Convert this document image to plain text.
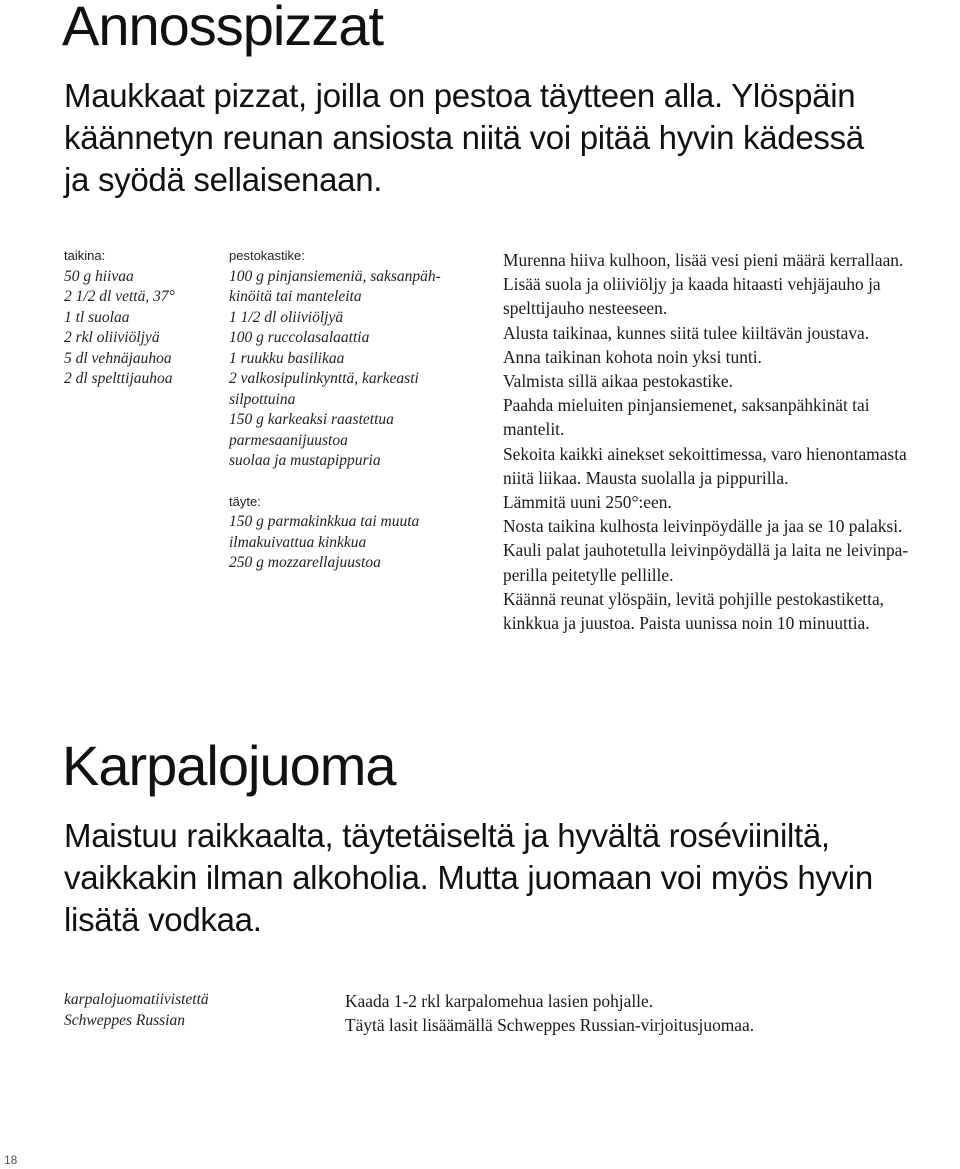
Annosspizzat
Maukkaat pizzat, joilla on pestoa täytteen alla. Ylöspäin
käännetyn reunan ansiosta niitä voi pitää hyvin kädessä
ja syödä sellaisenaan.
taikina:
50 g hiivaa
2 1/2 dl vettä, 37°
1 tl suolaa
2 rkl oliiviöljyä
5 dl vehnäjauhoa
2 dl spelttijauhoa
pestokastike:
100 g pinjansiemeniä, saksanpäh-
kinöitä tai manteleita
1 1/2 dl oliiviöljyä
100 g ruccolasalaattia
1 ruukku basilikaa
2 valkosipulinkynttä, karkeasti
silpottuina
150 g karkeaksi raastettua
parmesaanijuustoa
suolaa ja mustapippuria
täyte:
150 g parmakinkkua tai muuta
ilmakuivattua kinkkua
250 g mozzarellajuustoa
Murenna hiiva kulhoon, lisää vesi pieni määrä kerrallaan.
Lisää suola ja oliiviöljy ja kaada hitaasti vehjäjauho ja
spelttijauho nesteeseen.
Alusta taikinaa, kunnes siitä tulee kiiltävän joustava.
Anna taikinan kohota noin yksi tunti.
Valmista sillä aikaa pestokastike.
Paahda mieluiten pinjansiemenet, saksanpähkinät tai
mantelit.
Sekoita kaikki ainekset sekoittimessa, varo hienontamasta
niitä liikaa. Mausta suolalla ja pippurilla.
Lämmitä uuni 250°:een.
Nosta taikina kulhosta leivinpöydälle ja jaa se 10 palaksi.
Kauli palat jauhotetulla leivinpöydällä ja laita ne leivinpa-
perilla peitetylle pellille.
Käännä reunat ylöspäin, levitä pohjille pestokastiketta,
kinkkua ja juustoa. Paista uunissa noin 10 minuuttia.
Karpalojuoma
Maistuu raikkaalta, täytetäiseltä ja hyvältä roséviiniltä,
vaikkakin ilman alkoholia. Mutta juomaan voi myös hyvin
lisätä vodkaa.
karpalojuomatiivistettä
Schweppes Russian
Kaada 1-2 rkl karpalomehua lasien pohjalle.
Täytä lasit lisäämällä Schweppes Russian-virjoitusjuomaa.
18
